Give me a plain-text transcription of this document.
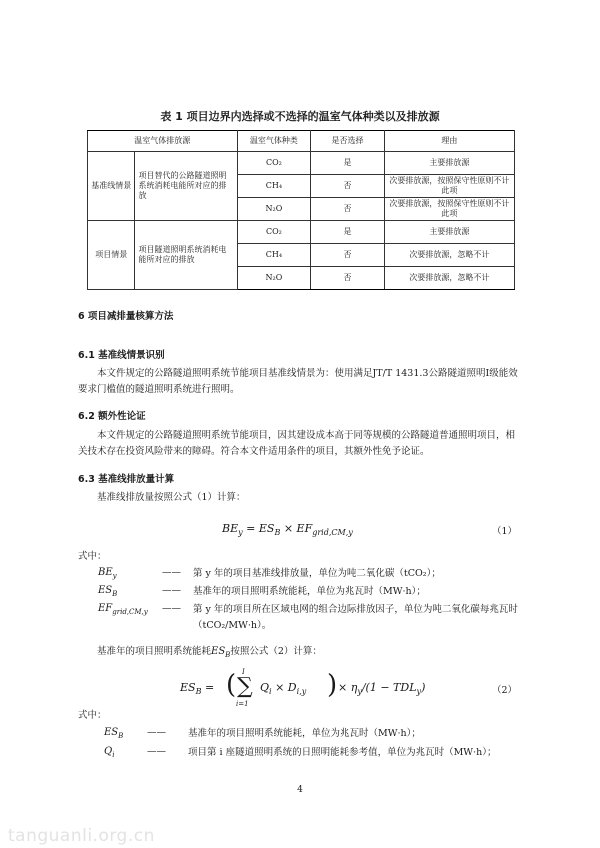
表 1 项目边界内选择或不选择的温室气体种类以及排放源
温室气体排放源		温室气体种类	是否选择	理由
基准线情景	项目替代的公路隧道照明系统消耗电能所对应的排放	CO₂	是	主要排放源
		CH₄	否	次要排放源，按照保守性原则不计此项
		N₂O	否	次要排放源，按照保守性原则不计此项
项目情景	项目隧道照明系统消耗电能所对应的排放	CO₂	是	主要排放源
		CH₄	否	次要排放源，忽略不计
		N₂O	否	次要排放源，忽略不计
6 项目减排量核算方法
6.1 基准线情景识别
本文件规定的公路隧道照明系统节能项目基准线情景为：使用满足JT/T 1431.3公路隧道照明I级能效要求门槛值的隧道照明系统进行照明。
6.2 额外性论证
本文件规定的公路隧道照明系统节能项目，因其建设成本高于同等规模的公路隧道普通照明项目，相关技术存在投资风险带来的障碍。符合本文件适用条件的项目，其额外性免予论证。
6.3 基准线排放量计算
基准线排放量按照公式（1）计算：
$BE_y = ES_B \times EF_{grid,CM,y}$	（1）
式中：
$BE_y$	—— 第 y 年的项目基准线排放量，单位为吨二氧化碳（tCO₂）；
$ES_B$	—— 基准年的项目照明系统能耗，单位为兆瓦时（MW·h）；
$EF_{grid,CM,y}$ —— 第 y 年的项目所在区域电网的组合边际排放因子，单位为吨二氧化碳每兆瓦时（tCO₂/MW·h）。
基准年的项目照明系统能耗$ES_B$按照公式（2）计算：
$ES_B$ = ( I
∑
i=1
$Q_i \times D_{i,y}$ ) × $\eta_y/(1 - TDL_y)$	（2）
式中：
$ES_B$ —— 基准年的项目照明系统能耗，单位为兆瓦时（MW·h）；
$Q_i$	—— 项目第 i 座隧道照明系统的日照明能耗参考值，单位为兆瓦时（MW·h）；
4
tanguanli.org.cn
